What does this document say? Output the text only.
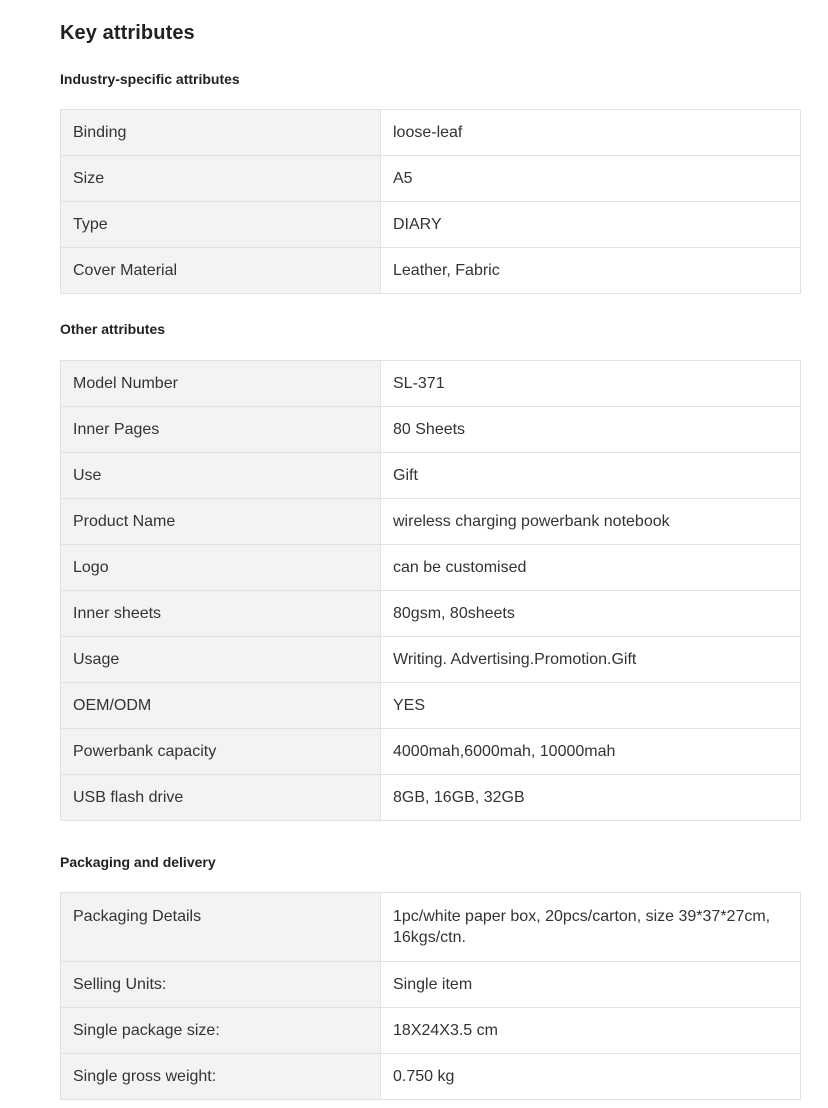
Key attributes
Industry-specific attributes
Binding	loose-leaf
Size	A5
Type	DIARY
Cover Material	Leather, Fabric
Other attributes
Model Number	SL-371
Inner Pages	80 Sheets
Use	Gift
Product Name	wireless charging powerbank notebook
Logo	can be customised
Inner sheets	80gsm, 80sheets
Usage	Writing. Advertising.Promotion.Gift
OEM/ODM	YES
Powerbank capacity	4000mah,6000mah, 10000mah
USB flash drive	8GB, 16GB, 32GB
Packaging and delivery
Packaging Details	1pc/white paper box, 20pcs/carton, size 39*37*27cm, 16kgs/ctn.
Selling Units:	Single item
Single package size:	18X24X3.5 cm
Single gross weight:	0.750 kg
